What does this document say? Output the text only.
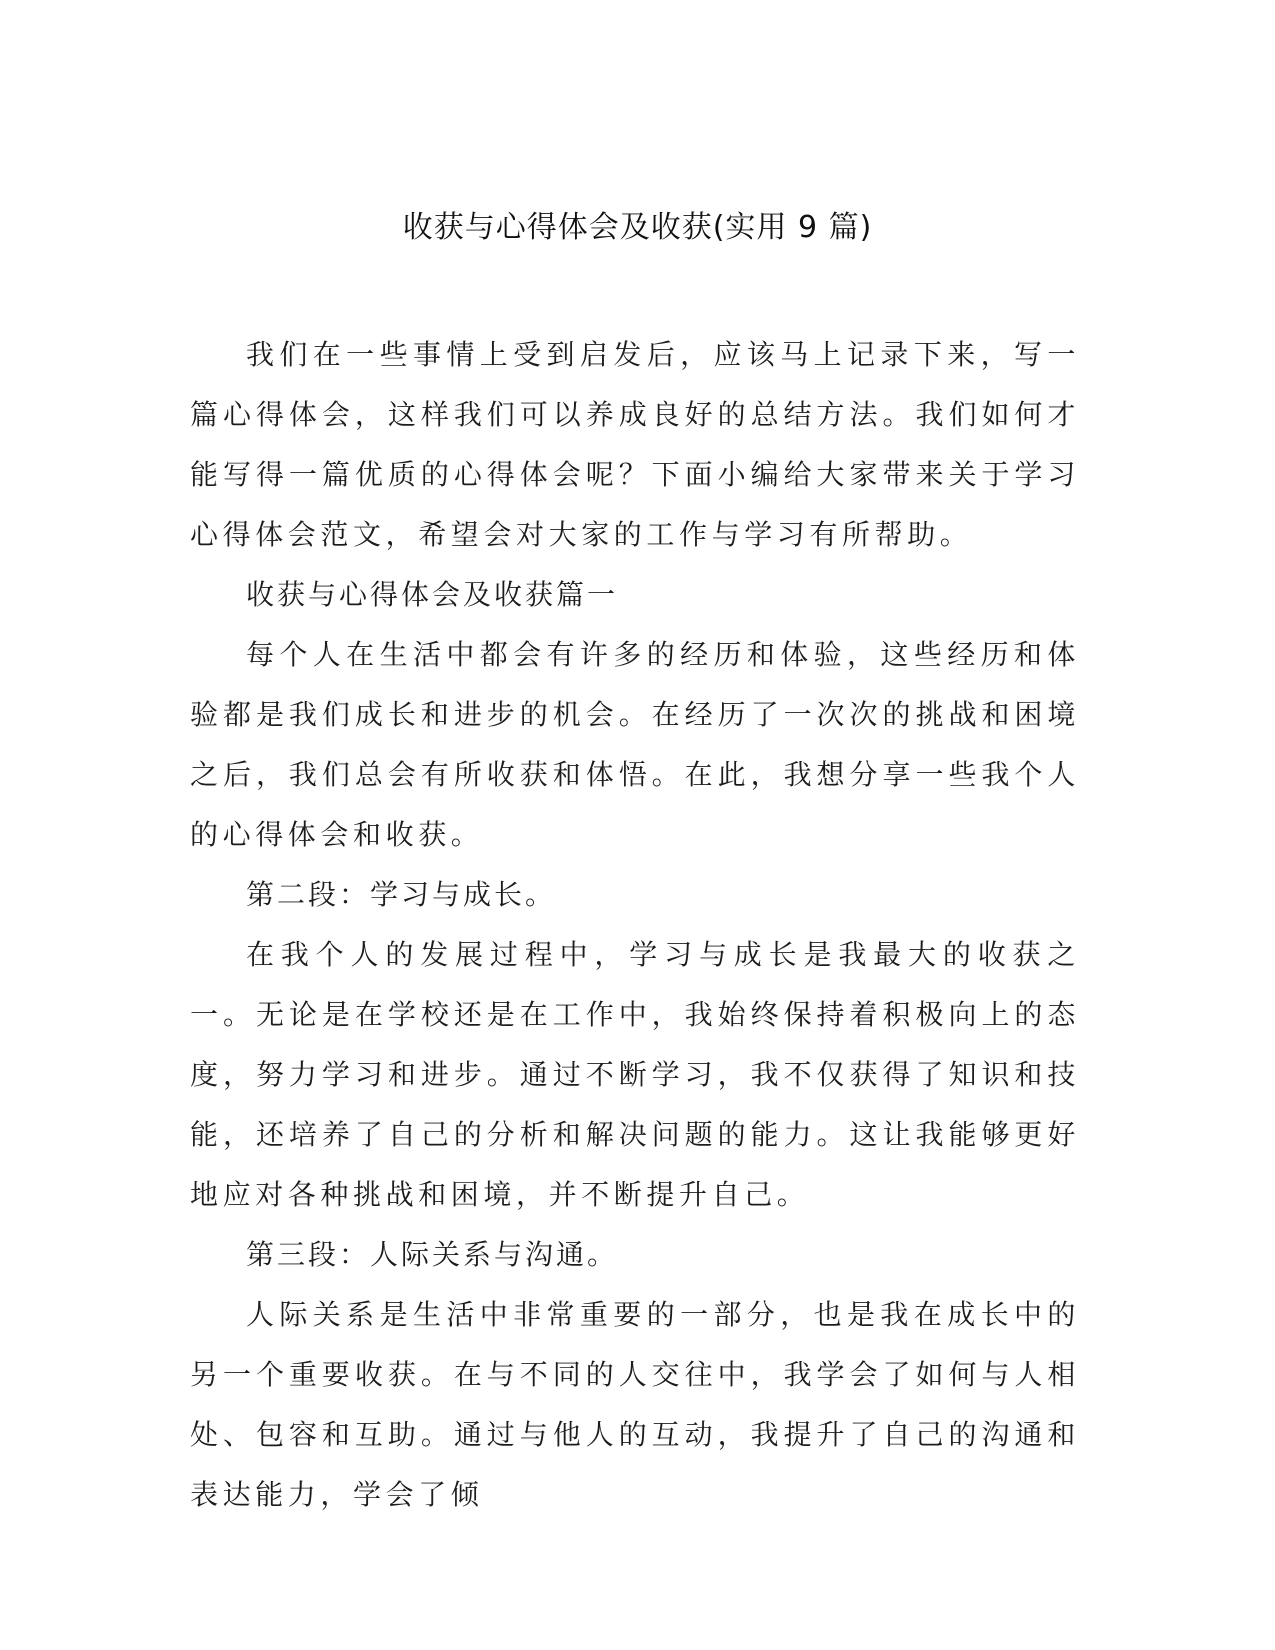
收获与心得体会及收获(实用 9 篇)

我们在一些事情上受到启发后，应该马上记录下来，写一篇心得体会，这样我们可以养成良好的总结方法。我们如何才能写得一篇优质的心得体会呢？下面小编给大家带来关于学习心得体会范文，希望会对大家的工作与学习有所帮助。

收获与心得体会及收获篇一

每个人在生活中都会有许多的经历和体验，这些经历和体验都是我们成长和进步的机会。在经历了一次次的挑战和困境之后，我们总会有所收获和体悟。在此，我想分享一些我个人的心得体会和收获。

第二段：学习与成长。

在我个人的发展过程中，学习与成长是我最大的收获之一。无论是在学校还是在工作中，我始终保持着积极向上的态度，努力学习和进步。通过不断学习，我不仅获得了知识和技能，还培养了自己的分析和解决问题的能力。这让我能够更好地应对各种挑战和困境，并不断提升自己。

第三段：人际关系与沟通。

人际关系是生活中非常重要的一部分，也是我在成长中的另一个重要收获。在与不同的人交往中，我学会了如何与人相处、包容和互助。通过与他人的互动，我提升了自己的沟通和表达能力，学会了倾
